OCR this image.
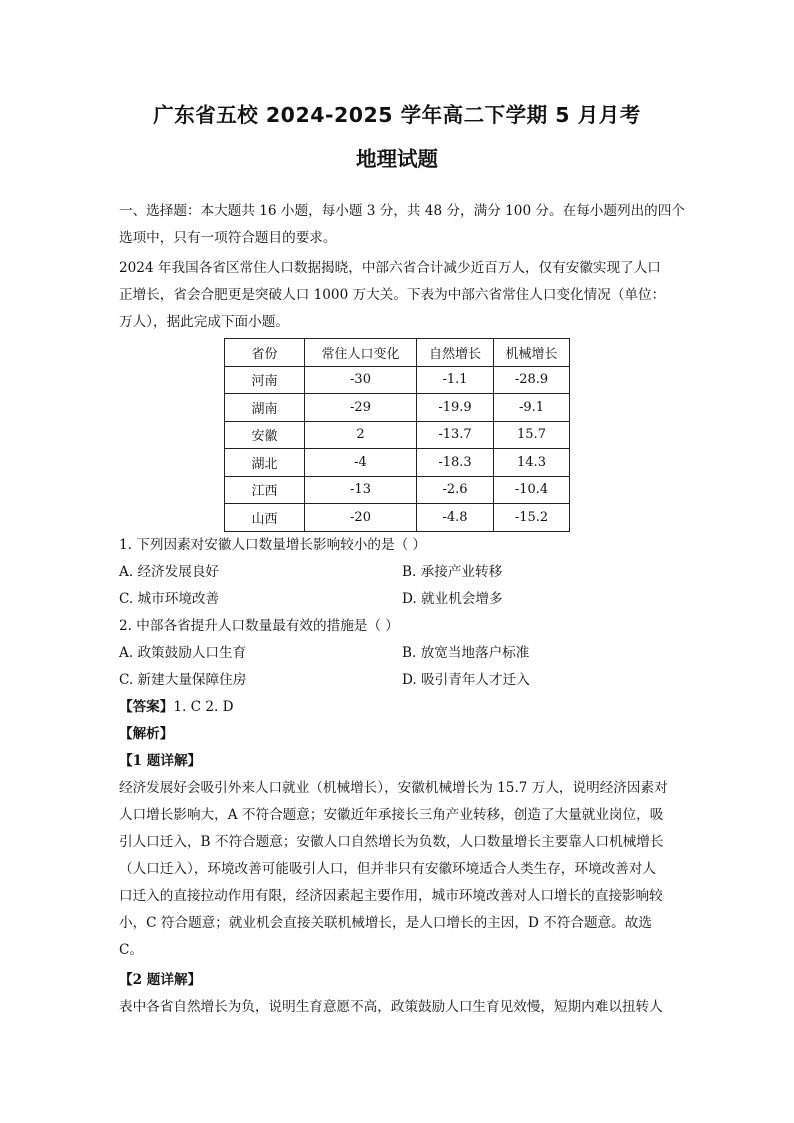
广东省五校 2024-2025 学年高二下学期 5 月月考
地理试题
一、选择题：本大题共 16 小题，每小题 3 分，共 48 分，满分 100 分。在每小题列出的四个
选项中，只有一项符合题目的要求。
2024 年我国各省区常住人口数据揭晓，中部六省合计减少近百万人，仅有安徽实现了人口
正增长，省会合肥更是突破人口 1000 万大关。下表为中部六省常住人口变化情况（单位：
万人），据此完成下面小题。
省份	常住人口变化	自然增长	机械增长
河南	-30	-1.1	-28.9
湖南	-29	-19.9	-9.1
安徽	2	-13.7	15.7
湖北	-4	-18.3	14.3
江西	-13	-2.6	-10.4
山西	-20	-4.8	-15.2
1. 下列因素对安徽人口数量增长影响较小的是（ ）
A. 经济发展良好	B. 承接产业转移
C. 城市环境改善	D. 就业机会增多
2. 中部各省提升人口数量最有效的措施是（ ）
A. 政策鼓励人口生育	B. 放宽当地落户标准
C. 新建大量保障住房	D. 吸引青年人才迁入
【答案】1. C 2. D
【解析】
【1 题详解】
经济发展好会吸引外来人口就业（机械增长），安徽机械增长为 15.7 万人，说明经济因素对
人口增长影响大，A 不符合题意；安徽近年承接长三角产业转移，创造了大量就业岗位，吸
引人口迁入，B 不符合题意；安徽人口自然增长为负数，人口数量增长主要靠人口机械增长
（人口迁入），环境改善可能吸引人口，但并非只有安徽环境适合人类生存，环境改善对人
口迁入的直接拉动作用有限，经济因素起主要作用，城市环境改善对人口增长的直接影响较
小，C 符合题意；就业机会直接关联机械增长，是人口增长的主因，D 不符合题意。故选
C。
【2 题详解】
表中各省自然增长为负，说明生育意愿不高，政策鼓励人口生育见效慢，短期内难以扭转人
